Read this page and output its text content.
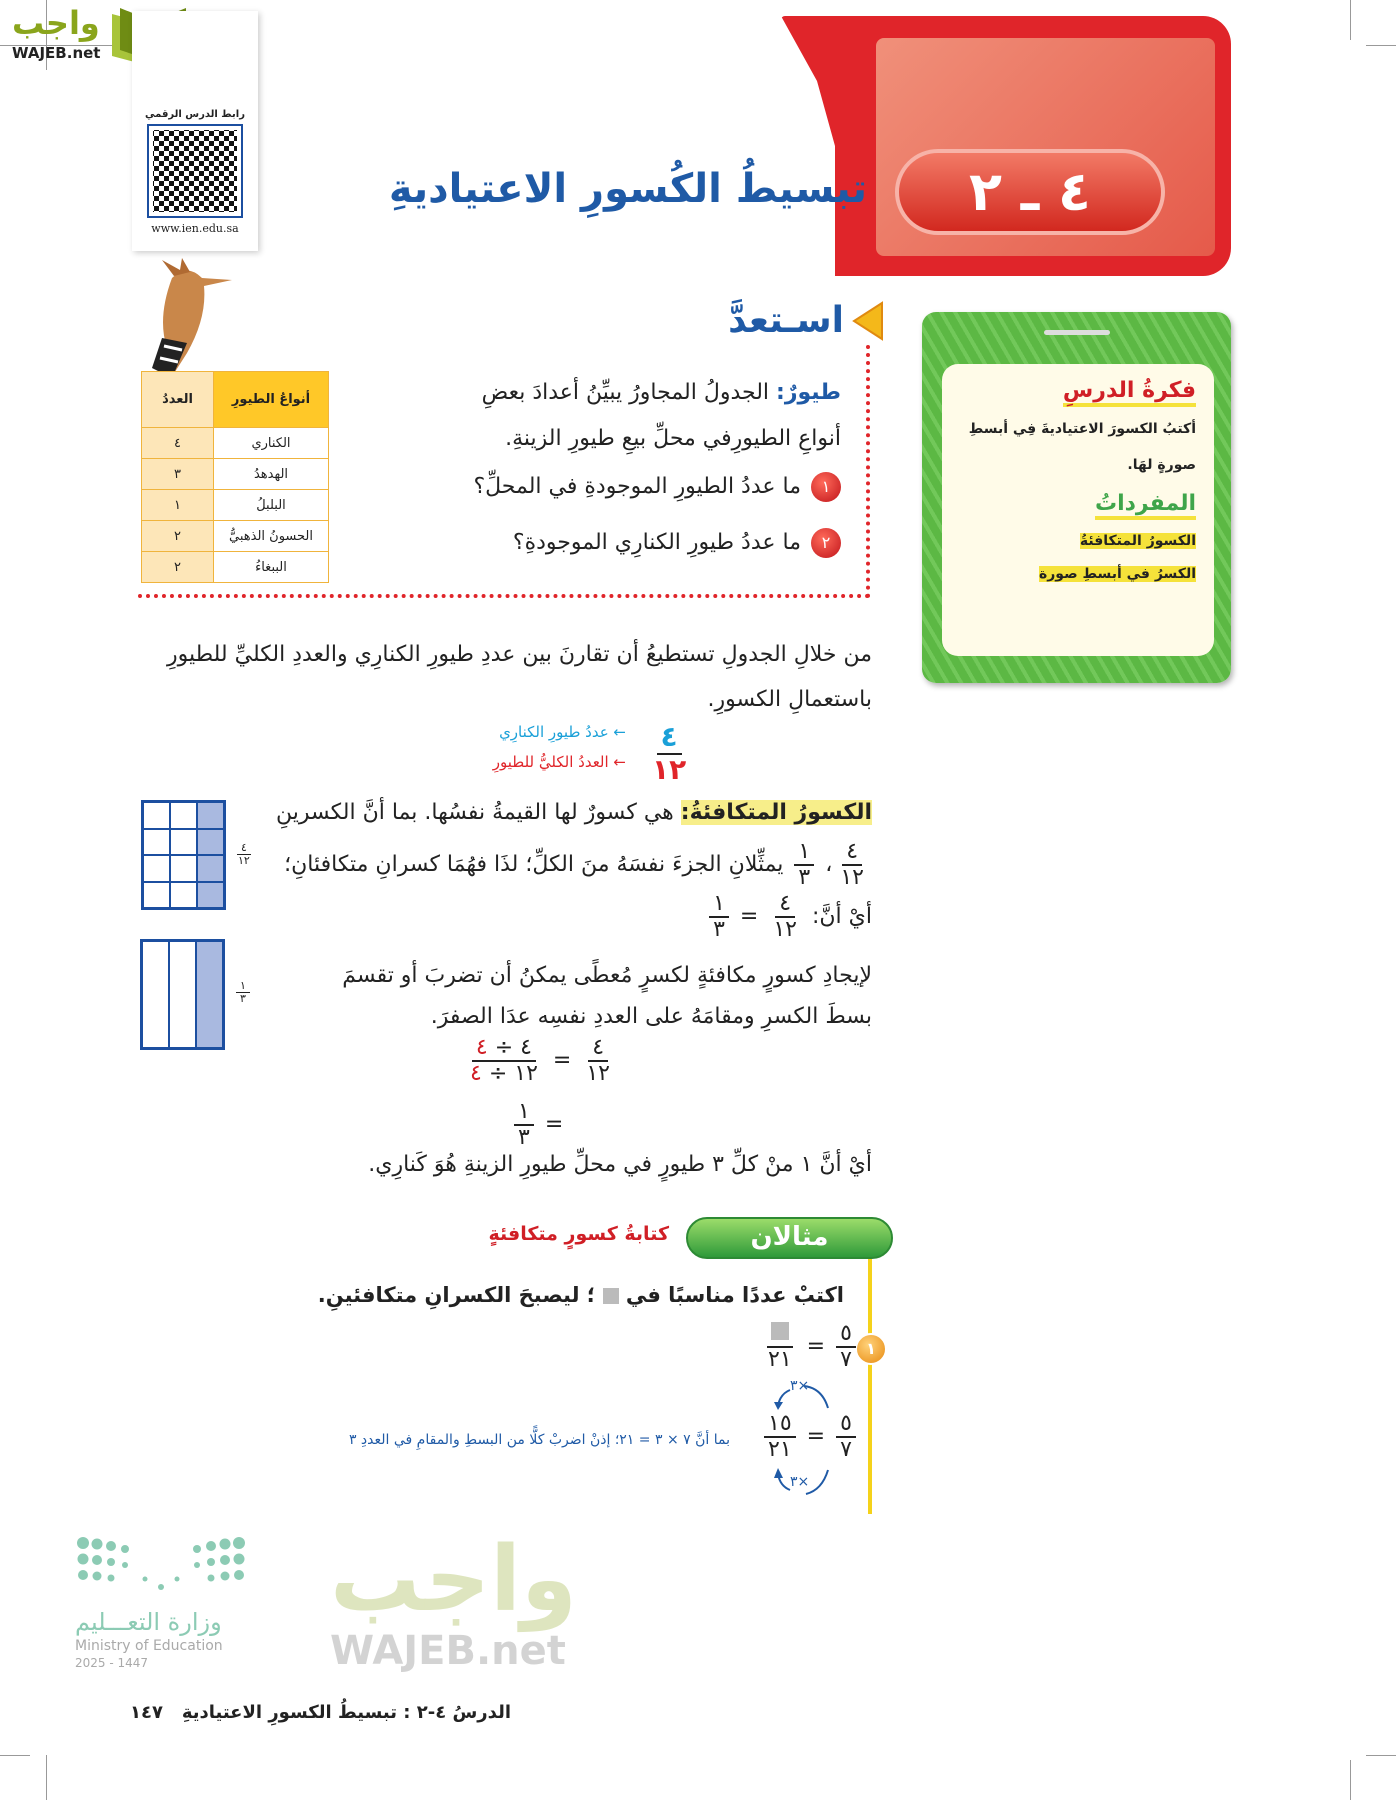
واجب
WAJEB.net
رابط الدرس الرقمي
www.ien.edu.sa
٤ ـ ٢
تبسيطُ الكُسورِ الاعتياديةِ
اسـتعدَّ
أنواعُ الطيورِ	العددُ
الكناري	٤
الهدهدُ	٣
البلبلُ	١
الحسونُ الذهبيُّ	٢
الببغاءُ	٢
طيورٌ: الجدولُ المجاورُ يبيِّنُ أعدادَ بعضِ أنواعِ الطيورِفي محلِّ بيعِ طيورِ الزينةِ.
١ما عددُ الطيورِ الموجودةِ في المحلِّ؟
٢ما عددُ طيورِ الكنارِي الموجودةِ؟
فكرةُ الدرسِ
أكتبُ الكسورَ الاعتياديةَ فِي أبسطِ صورةٍ لهَا.
المفرداتُ
الكسورُ المتكافئةُ
الكسرُ في أبسطِ صورة
من خلالِ الجدولِ تستطيعُ أن تقارنَ بين عددِ طيورِ الكنارِي والعددِ الكليِّ للطيورِ باستعمالِ الكسورِ.
٤
١٢
← عددُ طيورِ الكنارِي
← العددُ الكليُّ للطيورِ
واجب
WAJEB.net
الكسورُ المتكافئةُ: هي كسورٌ لها القيمةُ نفسُها. بما أنَّ الكسرينِ
$\frac{٤}{١٢}$
،
$\frac{١}{٣}$
يمثِّلانِ الجزءَ نفسَهُ منَ الكلِّ؛ لذَا فهُمَا كسرانِ متكافئانِ؛
أيْ أنَّ:
$\frac{٤}{١٢}$
=
$\frac{١}{٣}$
٤
١٢
١
٣
لإيجادِ كسورٍ مكافئةٍ لكسرٍ مُعطًى يمكنُ أن تضربَ أو تقسمَ
بسطَ الكسرِ ومقامَهُ على العددِ نفسِه عدَا الصفرَ.
$\frac{٤}{١٢}$
=
$\frac{٤ \div ٤}{١٢ \div ٤}$
=
$\frac{١}{٣}$
أيْ أنَّ ١ منْ كلِّ ٣ طيورٍ في محلِّ طيورِ الزينةِ هُوَ كَنارِي.
مثالان
كتابةُ كسورٍ متكافئةٍ
اكتبْ عددًا مناسبًا في  ؛ ليصبحَ الكسرانِ متكافئينِ.
١
$\frac{٥}{٧}$
=
٢١
×٣
$\frac{٥}{٧}$
=
$\frac{١٥}{٢١}$
×٣
بما أنَّ ٧ × ٣ = ٢١؛ إذنْ اضربْ كلًّا من البسطِ والمقامِ في العددِ ٣
وزارة التعـــليم
Ministry of Education
2025 - 1447
الدرسُ ٤-٢ : تبسيطُ الكسورِ الاعتياديةِ
١٤٧
